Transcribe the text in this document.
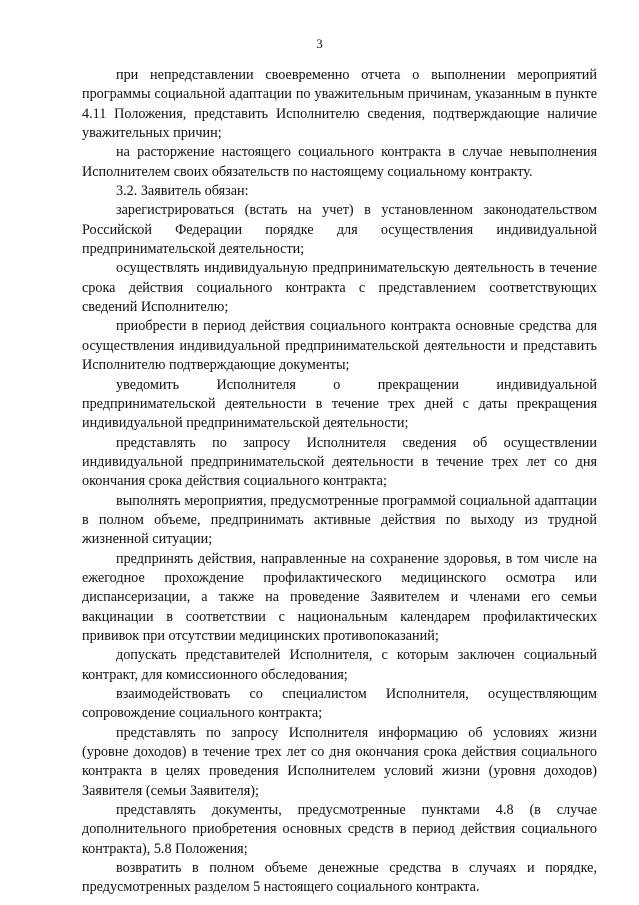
3

при непредставлении своевременно отчета о выполнении мероприятий программы социальной адаптации по уважительным причинам, указанным в пункте 4.11 Положения, представить Исполнителю сведения, подтверждающие наличие уважительных причин;

на расторжение настоящего социального контракта в случае невыполнения Исполнителем своих обязательств по настоящему социальному контракту.

3.2. Заявитель обязан:

зарегистрироваться (встать на учет) в установленном законодательством Российской Федерации порядке для осуществления индивидуальной предпринимательской деятельности;

осуществлять индивидуальную предпринимательскую деятельность в течение срока действия социального контракта с представлением соответствующих сведений Исполнителю;

приобрести в период действия социального контракта основные средства для осуществления индивидуальной предпринимательской деятельности и представить Исполнителю подтверждающие документы;

уведомить Исполнителя о прекращении индивидуальной предпринимательской деятельности в течение трех дней с даты прекращения индивидуальной предпринимательской деятельности;

представлять по запросу Исполнителя сведения об осуществлении индивидуальной предпринимательской деятельности в течение трех лет со дня окончания срока действия социального контракта;

выполнять мероприятия, предусмотренные программой социальной адаптации в полном объеме, предпринимать активные действия по выходу из трудной жизненной ситуации;

предпринять действия, направленные на сохранение здоровья, в том числе на ежегодное прохождение профилактического медицинского осмотра или диспансеризации, а также на проведение Заявителем и членами его семьи вакцинации в соответствии с национальным календарем профилактических прививок при отсутствии медицинских противопоказаний;

допускать представителей Исполнителя, с которым заключен социальный контракт, для комиссионного обследования;

взаимодействовать со специалистом Исполнителя, осуществляющим сопровождение социального контракта;

представлять по запросу Исполнителя информацию об условиях жизни (уровне доходов) в течение трех лет со дня окончания срока действия социального контракта в целях проведения Исполнителем условий жизни (уровня доходов) Заявителя (семьи Заявителя);

представлять документы, предусмотренные пунктами 4.8 (в случае дополнительного приобретения основных средств в период действия социального контракта), 5.8 Положения;

возвратить в полном объеме денежные средства в случаях и порядке, предусмотренных разделом 5 настоящего социального контракта.
